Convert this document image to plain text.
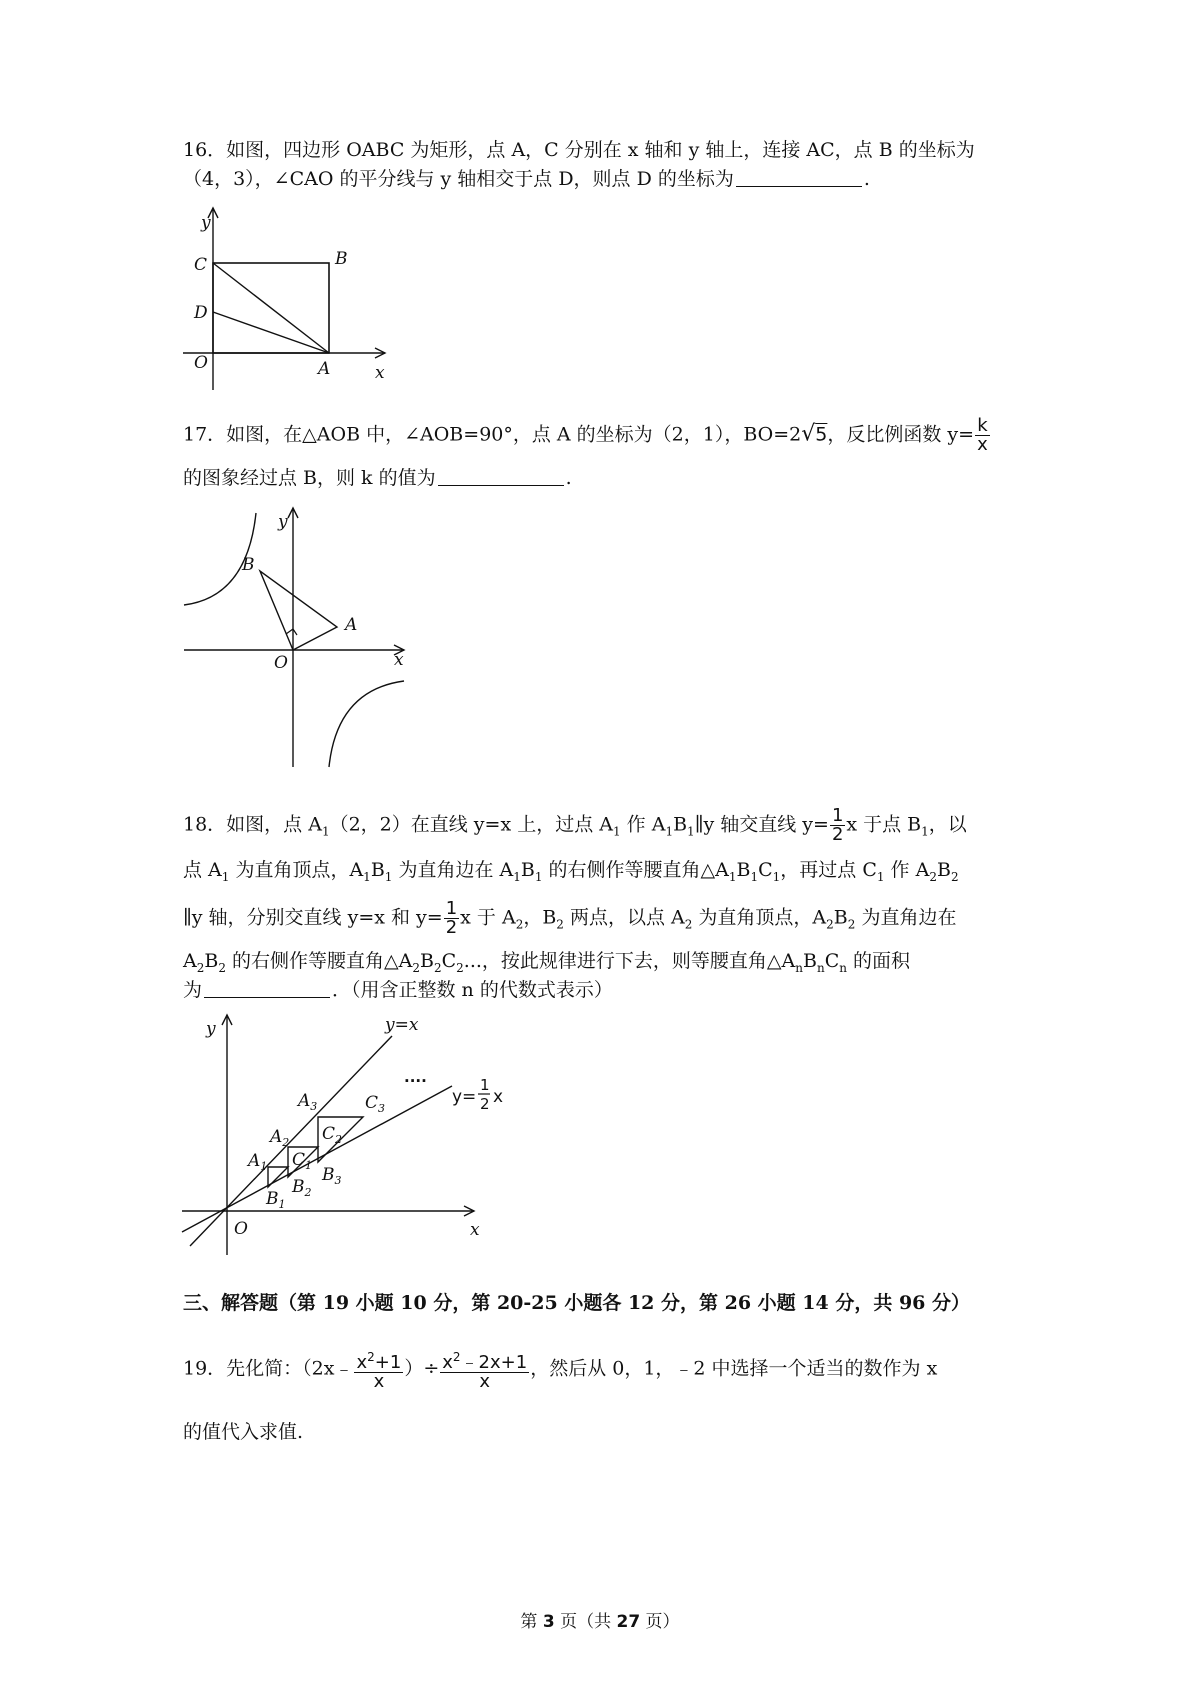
16．如图，四边形 OABC 为矩形，点 A，C 分别在 x 轴和 y 轴上，连接 AC，点 B 的坐标为
（4，3），∠CAO 的平分线与 y 轴相交于点 D，则点 D 的坐标为	.
y
x
C	B
D
O	A
17．如图，在△AOB 中，∠AOB=90°，点 A 的坐标为（2，1），BO=2√5，反比例函数 $y= \frac{k}{x}$
的图象经过点 B，则 k 的值为	.
y
x
B
A
O
18．如图，点 $A_1(2$，2）在直线 y=x 上，过点 $A_1$ 作 $A_1B_1\parallel y$ 轴交直线 $y= \frac{1}{2}$ x 于点 $B_1$，以
点 $A_1$ 为直角顶点，$A_1B_1$ 为直角边在 $A_1B_1$ 的右侧作等腰直角$\triangle A_1B_1C_1$，再过点 $C_1$ 作 $A_2B_2$
∥y 轴，分别交直线 y=x 和 $y= \frac{1}{2}$ x 于 $A_2$，$B_2$ 两点，以点 $A_2$ 为直角顶点，$A_2B_2$ 为直角边在
$A_2B_2$ 的右侧作等腰直角$\triangle A_2B_2C_2$...，按此规律进行下去，则等腰直角$\triangle A_nB_nC_n$ 的面积
为	．（用含正整数 n 的代数式表示）
y=x
····
y=
1
2 x
y
x
O
$A_1$
$A_2$
$A_3$
$B_1$
$B_2$
$B_3$
$C_1$
$C_2$
$C_3$
三、解答题（第 19 小题 10 分，第 20-25 小题各 12 分，第 26 小题 14 分，共 96 分）
19．先化简：（2x﹣ $\frac{x^2+1}{x}$ ）÷ $\frac{x^2﹣2x+1}{x}$ ，然后从 0，1，﹣2 中选择一个适当的数作为 x
的值代入求值.
第 3 页（共 27 页）
